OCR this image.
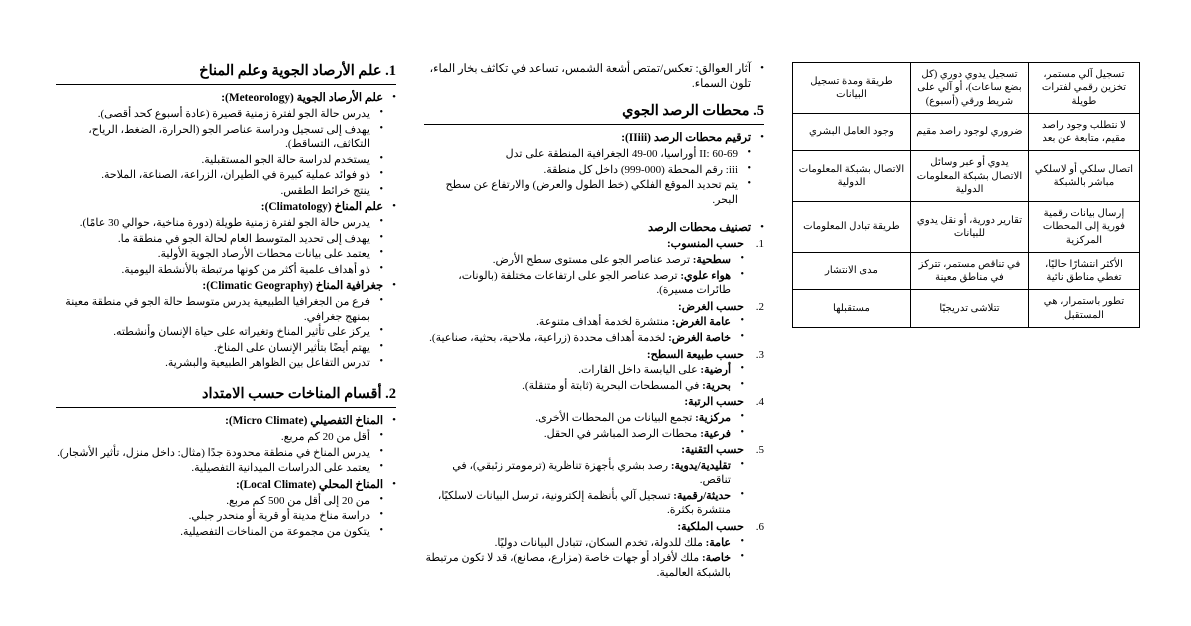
1. علم الأرصاد الجوية وعلم المناخ
• علم الأرصاد الجوية (Meteorology):
• يدرس حالة الجو لفترة زمنية قصيرة (عادة أسبوع كحد أقصى).
• يهدف إلى تسجيل ودراسة عناصر الجو (الحرارة، الضغط، الرياح، التكاثف، التساقط).
• يستخدم لدراسة حالة الجو المستقبلية.
• ذو فوائد عملية كبيرة في الطيران، الزراعة، الصناعة، الملاحة.
• ينتج خرائط الطقس.
• علم المناخ (Climatology):
• يدرس حالة الجو لفترة زمنية طويلة (دورة مناخية، حوالي 30 عامًا).
• يهدف إلى تحديد المتوسط العام لحالة الجو في منطقة ما.
• يعتمد على بيانات محطات الأرصاد الجوية الأولية.
• ذو أهداف علمية أكثر من كونها مرتبطة بالأنشطة اليومية.
• جغرافية المناخ (Climatic Geography):
• فرع من الجغرافيا الطبيعية يدرس متوسط حالة الجو في منطقة معينة بمنهج جغرافي.
• يركز على تأثير المناخ وتغيراته على حياة الإنسان وأنشطته.
• يهتم أيضًا بتأثير الإنسان على المناخ.
• تدرس التفاعل بين الظواهر الطبيعية والبشرية.
2. أقسام المناخات حسب الامتداد
• المناخ التفصيلي (Micro Climate):
• أقل من 20 كم مربع.
• يدرس المناخ في منطقة محدودة جدًا (مثال: داخل منزل، تأثير الأشجار).
• يعتمد على الدراسات الميدانية التفصيلية.
• المناخ المحلي (Local Climate):
• من 20 إلى أقل من 500 كم مربع.
• دراسة مناخ مدينة أو قرية أو منحدر جبلي.
• يتكون من مجموعة من المناخات التفصيلية.
• آثار العوالق: تعكس/تمتص أشعة الشمس، تساعد في تكاثف بخار الماء، تلون السماء.
5. محطات الرصد الجوي
• ترقيم محطات الرصد (IIiii):
• II: 60-69 أوراسيا، 00-49 الجغرافية المنطقة على تدل
• iii: رقم المحطة (000-999) داخل كل منطقة.
• يتم تحديد الموقع الفلكي (خط الطول والعرض) والارتفاع عن سطح البحر.
• تصنيف محطات الرصد
حسب المنسوب:
• سطحية: ترصد عناصر الجو على مستوى سطح الأرض.
• هواء علوي: ترصد عناصر الجو على ارتفاعات مختلفة (بالونات، طائرات مسيرة).
حسب الغرض:
• عامة الغرض: منتشرة لخدمة أهداف متنوعة.
• خاصة الغرض: لخدمة أهداف محددة (زراعية، ملاحية، بحثية، صناعية).
حسب طبيعة السطح:
• أرضية: على اليابسة داخل القارات.
• بحرية: في المسطحات البحرية (ثابتة أو متنقلة).
حسب الرتبة:
• مركزية: تجمع البيانات من المحطات الأخرى.
• فرعية: محطات الرصد المباشر في الحقل.
حسب التقنية:
• تقليدية/يدوية: رصد بشري بأجهزة تناظرية (ترمومتر زئبقي)، في تناقص.
• حديثة/رقمية: تسجيل آلي بأنظمة إلكترونية، ترسل البيانات لاسلكيًا، منتشرة بكثرة.
حسب الملكية:
• عامة: ملك للدولة، تخدم السكان، تتبادل البيانات دوليًا.
• خاصة: ملك لأفراد أو جهات خاصة (مزارع، مصانع)، قد لا تكون مرتبطة بالشبكة العالمية.
تسجيل آلي مستمر، تخزين رقمي لفترات طويلة	تسجيل يدوي دوري (كل بضع ساعات)، أو آلي على شريط ورقي (أسبوع)	طريقة ومدة تسجيل البيانات
لا نتطلب وجود راصد مقيم، متابعة عن بعد	ضروري لوجود راصد مقيم	وجود العامل البشري
اتصال سلكي أو لاسلكي مباشر بالشبكة	يدوي أو عبر وسائل الاتصال بشبكة المعلومات الدولية	الاتصال بشبكة المعلومات الدولية
إرسال بيانات رقمية فورية إلى المحطات المركزية	تقارير دورية، أو نقل يدوي للبيانات	طريقة تبادل المعلومات
الأكثر انتشارًا حاليًا، تغطي مناطق نائية	في تناقص مستمر، تتركز في مناطق معينة	مدى الانتشار
تطور باستمرار، هي المستقبل	تتلاشى تدريجيًا	مستقبلها
